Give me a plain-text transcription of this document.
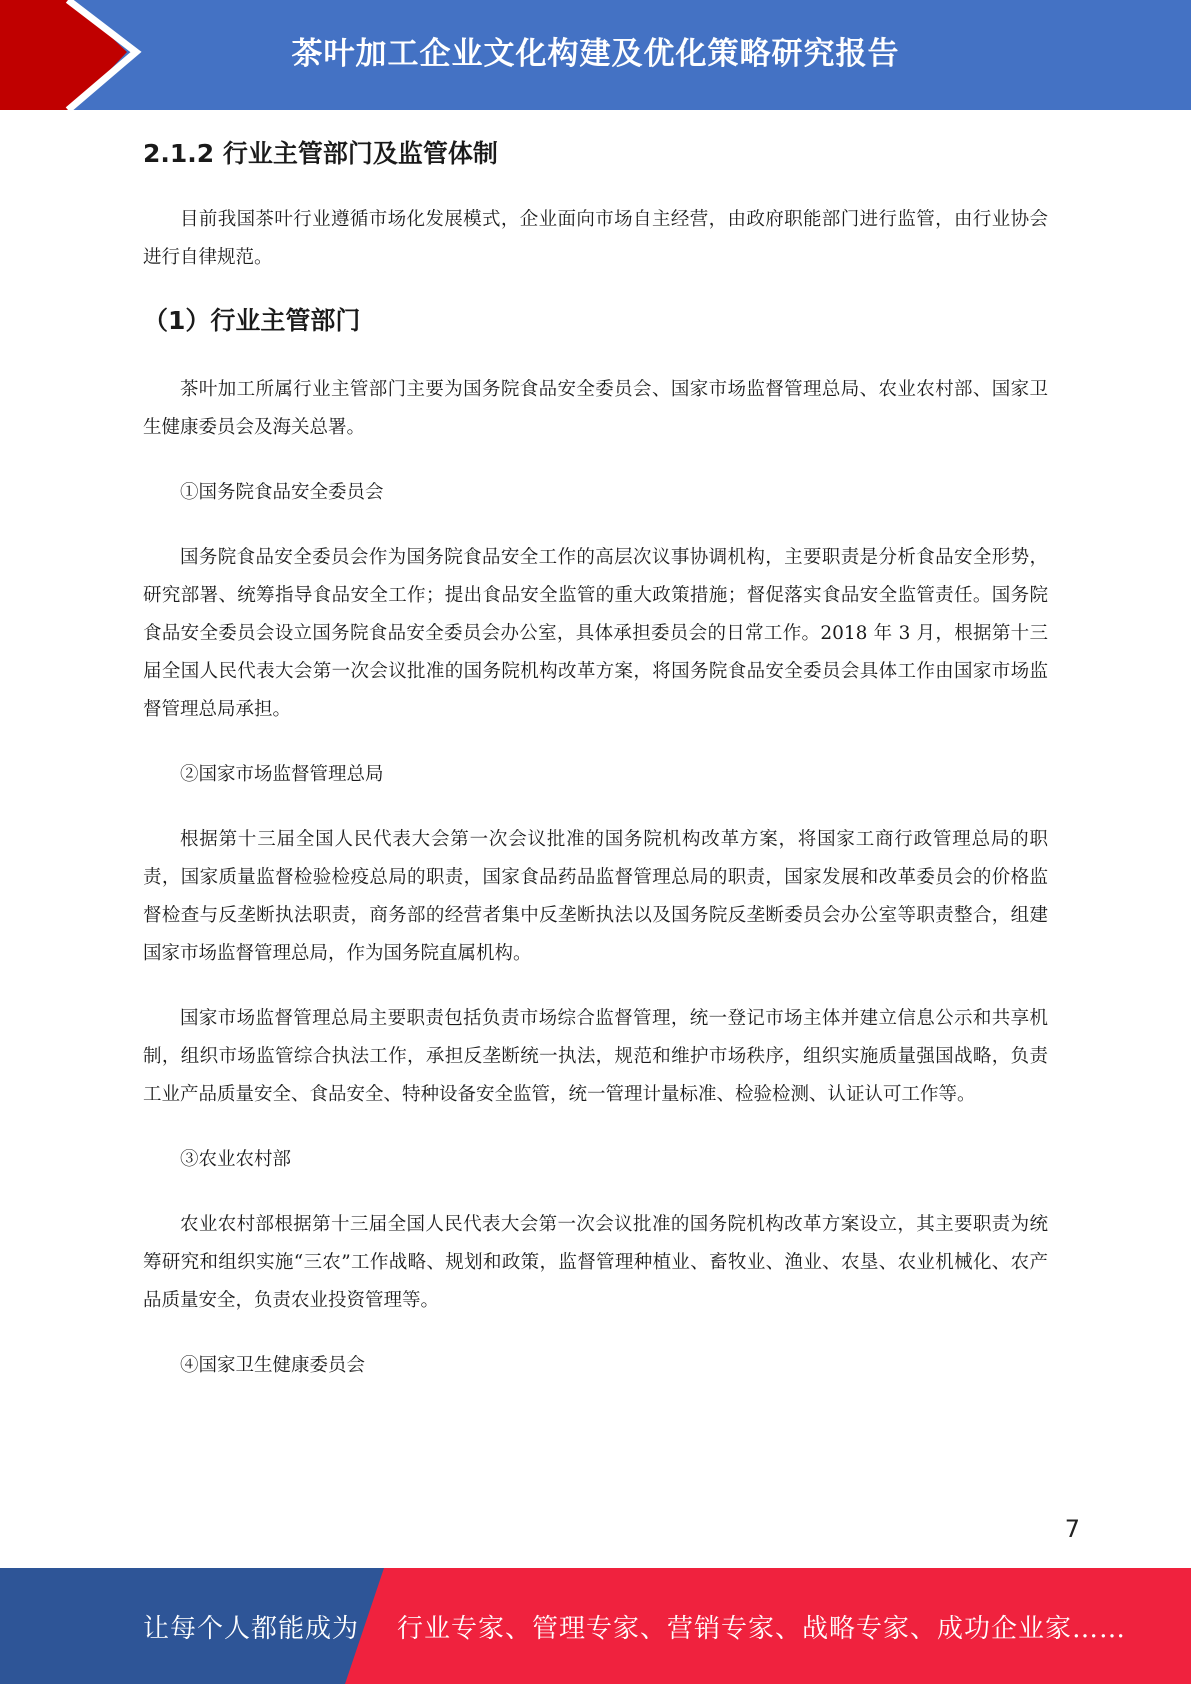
茶叶加工企业文化构建及优化策略研究报告
2.1.2 行业主管部门及监管体制

目前我国茶叶行业遵循市场化发展模式，企业面向市场自主经营，由政府职能部门进行监管，由行业协会进行自律规范。

（1）行业主管部门

茶叶加工所属行业主管部门主要为国务院食品安全委员会、国家市场监督管理总局、农业农村部、国家卫生健康委员会及海关总署。

①国务院食品安全委员会

国务院食品安全委员会作为国务院食品安全工作的高层次议事协调机构，主要职责是分析食品安全形势，研究部署、统筹指导食品安全工作；提出食品安全监管的重大政策措施；督促落实食品安全监管责任。国务院食品安全委员会设立国务院食品安全委员会办公室，具体承担委员会的日常工作。2018 年 3 月，根据第十三届全国人民代表大会第一次会议批准的国务院机构改革方案，将国务院食品安全委员会具体工作由国家市场监督管理总局承担。

②国家市场监督管理总局

根据第十三届全国人民代表大会第一次会议批准的国务院机构改革方案，将国家工商行政管理总局的职责，国家质量监督检验检疫总局的职责，国家食品药品监督管理总局的职责，国家发展和改革委员会的价格监督检查与反垄断执法职责，商务部的经营者集中反垄断执法以及国务院反垄断委员会办公室等职责整合，组建国家市场监督管理总局，作为国务院直属机构。

国家市场监督管理总局主要职责包括负责市场综合监督管理，统一登记市场主体并建立信息公示和共享机制，组织市场监管综合执法工作，承担反垄断统一执法，规范和维护市场秩序，组织实施质量强国战略，负责工业产品质量安全、食品安全、特种设备安全监管，统一管理计量标准、检验检测、认证认可工作等。

③农业农村部

农业农村部根据第十三届全国人民代表大会第一次会议批准的国务院机构改革方案设立，其主要职责为统筹研究和组织实施“三农”工作战略、规划和政策，监督管理种植业、畜牧业、渔业、农垦、农业机械化、农产品质量安全，负责农业投资管理等。

④国家卫生健康委员会

7
让每个人都能成为 行业专家、管理专家、营销专家、战略专家、成功企业家……
